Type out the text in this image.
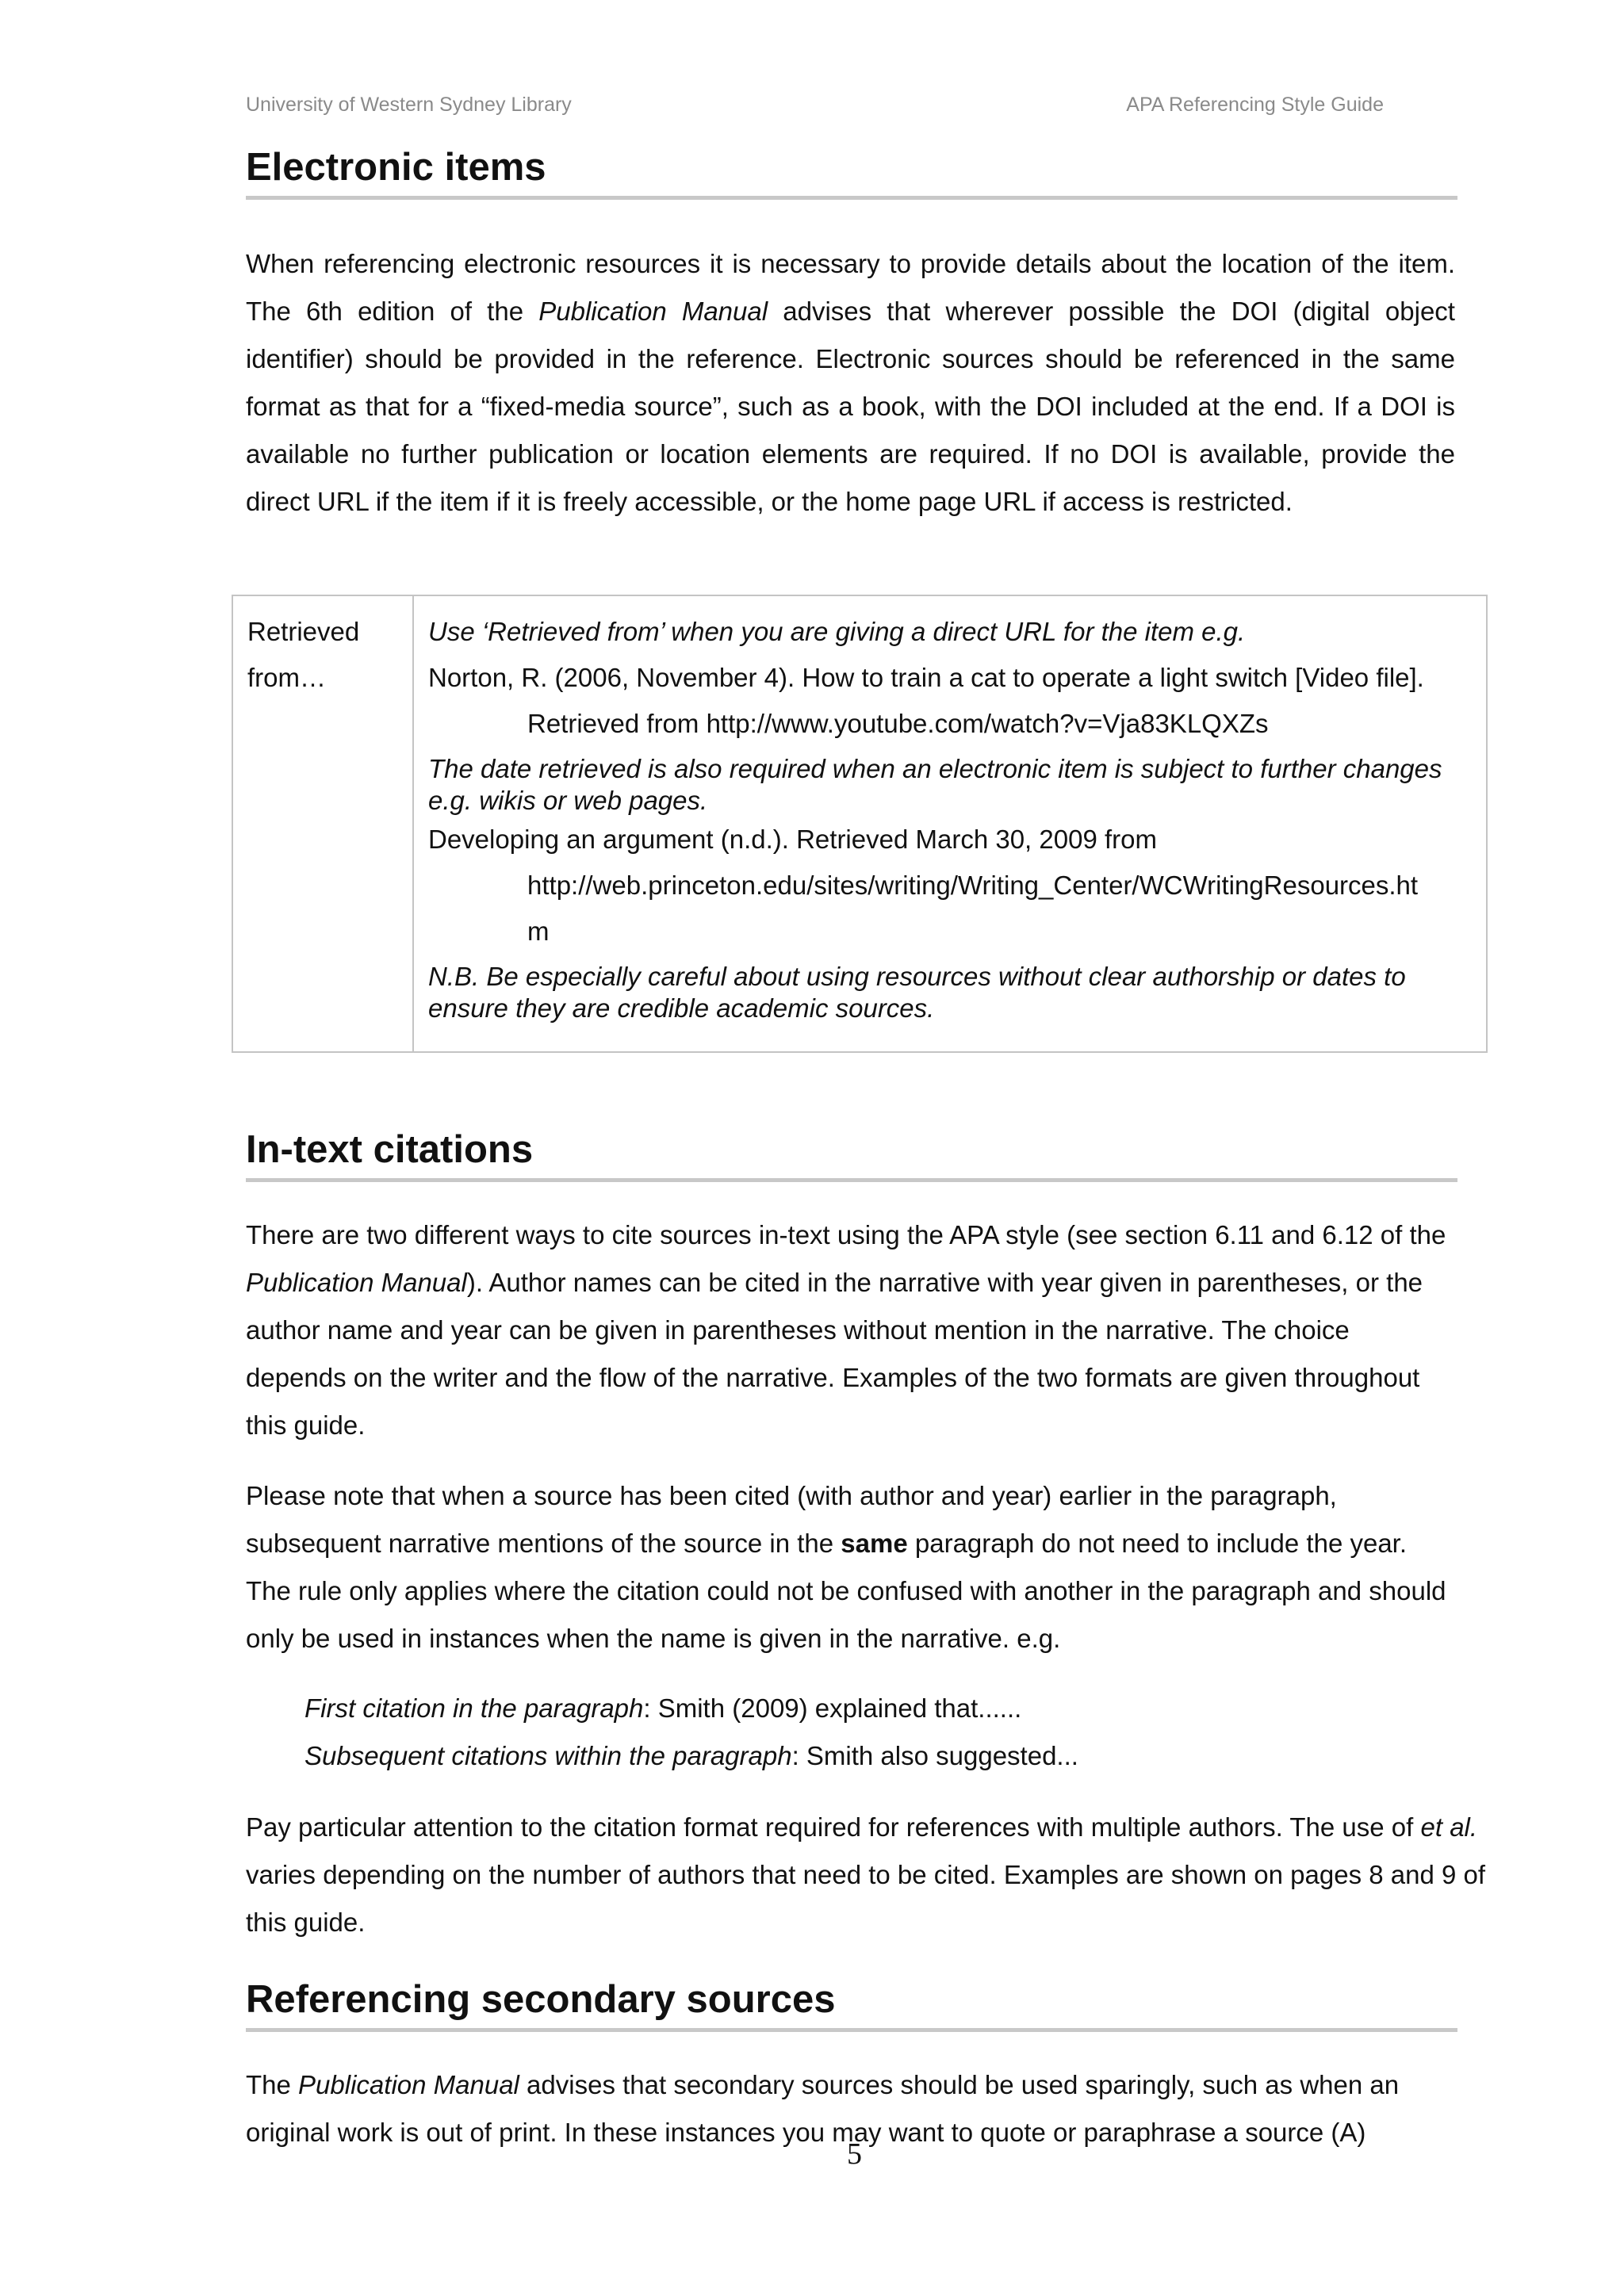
University of Western Sydney Library	APA Referencing Style Guide
Electronic items

When referencing electronic resources it is necessary to provide details about the location of the item. The 6th edition of the Publication Manual advises that wherever possible the DOI (digital object identifier) should be provided in the reference. Electronic sources should be referenced in the same format as that for a “fixed-media source”, such as a book, with the DOI included at the end. If a DOI is available no further publication or location elements are required. If no DOI is available, provide the direct URL if the item if it is freely accessible, or the home page URL if access is restricted.

Retrieved
from…
Use ‘Retrieved from’ when you are giving a direct URL for the item e.g.
Norton, R. (2006, November 4). How to train a cat to operate a light switch [Video file].
Retrieved from http://www.youtube.com/watch?v=Vja83KLQXZs
The date retrieved is also required when an electronic item is subject to further changes e.g. wikis or web pages.
Developing an argument (n.d.). Retrieved March 30, 2009 from
http://web.princeton.edu/sites/writing/Writing_Center/WCWritingResources.ht
m
N.B. Be especially careful about using resources without clear authorship or dates to ensure they are credible academic sources.
In-text citations

There are two different ways to cite sources in-text using the APA style (see section 6.11 and 6.12 of the Publication Manual). Author names can be cited in the narrative with year given in parentheses, or the author name and year can be given in parentheses without mention in the narrative. The choice depends on the writer and the flow of the narrative. Examples of the two formats are given throughout this guide.

Please note that when a source has been cited (with author and year) earlier in the paragraph, subsequent narrative mentions of the source in the same paragraph do not need to include the year. The rule only applies where the citation could not be confused with another in the paragraph and should only be used in instances when the name is given in the narrative. e.g.

First citation in the paragraph: Smith (2009) explained that......
Subsequent citations within the paragraph: Smith also suggested...

Pay particular attention to the citation format required for references with multiple authors. The use of et al. varies depending on the number of authors that need to be cited. Examples are shown on pages 8 and 9 of this guide.

Referencing secondary sources

The Publication Manual advises that secondary sources should be used sparingly, such as when an original work is out of print. In these instances you may want to quote or paraphrase a source (A)

5
